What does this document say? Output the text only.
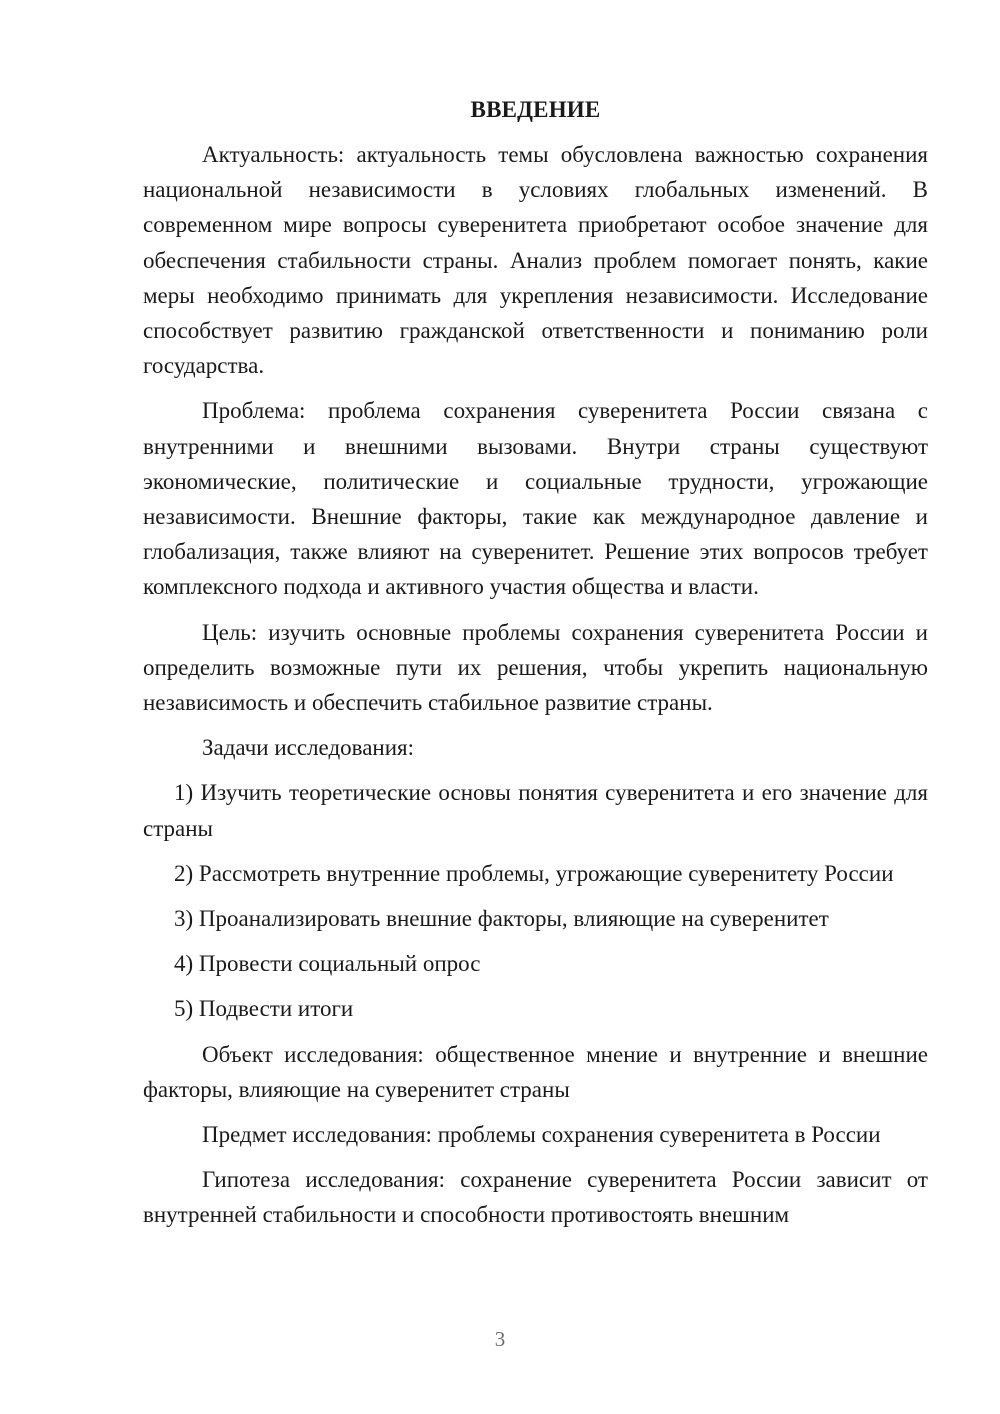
ВВЕДЕНИЕ

Актуальность: актуальность темы обусловлена важностью сохранения национальной независимости в условиях глобальных изменений. В современном мире вопросы суверенитета приобретают особое значение для обеспечения стабильности страны. Анализ проблем помогает понять, какие меры необходимо принимать для укрепления независимости. Исследование способствует развитию гражданской ответственности и пониманию роли государства.

Проблема: проблема сохранения суверенитета России связана с внутренними и внешними вызовами. Внутри страны существуют экономические, политические и социальные трудности, угрожающие независимости. Внешние факторы, такие как международное давление и глобализация, также влияют на суверенитет. Решение этих вопросов требует комплексного подхода и активного участия общества и власти.

Цель: изучить основные проблемы сохранения суверенитета России и определить возможные пути их решения, чтобы укрепить национальную независимость и обеспечить стабильное развитие страны.

Задачи исследования:

1) Изучить теоретические основы понятия суверенитета и его значение для страны

2) Рассмотреть внутренние проблемы, угрожающие суверенитету России

3) Проанализировать внешние факторы, влияющие на суверенитет

4) Провести социальный опрос

5) Подвести итоги

Объект исследования: общественное мнение и внутренние и внешние факторы, влияющие на суверенитет страны

Предмет исследования: проблемы сохранения суверенитета в России

Гипотеза исследования: сохранение суверенитета России зависит от внутренней стабильности и способности противостоять внешним

3
